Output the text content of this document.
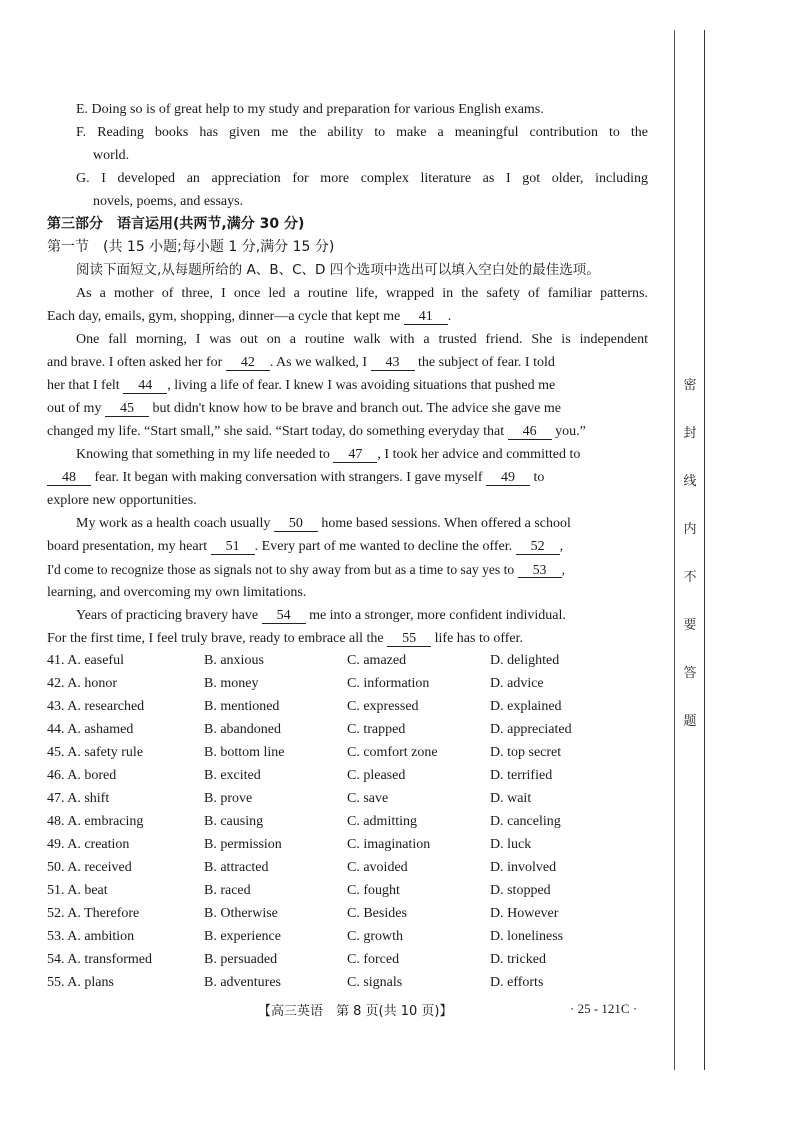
E. Doing so is of great help to my study and preparation for various English exams.
F. Reading books has given me the ability to make a meaningful contribution to the
world.
G. I developed an appreciation for more complex literature as I got older, including
novels, poems, and essays.
第三部分　语言运用(共两节,满分 30 分)
第一节　(共 15 小题;每小题 1 分,满分 15 分)
阅读下面短文,从每题所给的 A、B、C、D 四个选项中选出可以填入空白处的最佳选项。
As a mother of three, I once led a routine life, wrapped in the safety of familiar patterns.
Each day, emails, gym, shopping, dinner—a cycle that kept me 41 .
One fall morning, I was out on a routine walk with a trusted friend. She is independent
and brave. I often asked her for 42 . As we walked, I 43 the subject of fear. I told
her that I felt 44 , living a life of fear. I knew I was avoiding situations that pushed me
out of my 45 but didn't know how to be brave and branch out. The advice she gave me
changed my life. “Start small,” she said. “Start today, do something everyday that 46 you.”
Knowing that something in my life needed to 47 , I took her advice and committed to
48 fear. It began with making conversation with strangers. I gave myself 49 to
explore new opportunities.
My work as a health coach usually 50 home based sessions. When offered a school
board presentation, my heart 51 . Every part of me wanted to decline the offer. 52 ,
I'd come to recognize those as signals not to shy away from but as a time to say yes to 53 ,
learning, and overcoming my own limitations.
Years of practicing bravery have 54 me into a stronger, more confident individual.
For the first time, I feel truly brave, ready to embrace all the 55 life has to offer.
41. A. easeful	B. anxious	C. amazed	D. delighted
42. A. honor	B. money	C. information	D. advice
43. A. researched	B. mentioned	C. expressed	D. explained
44. A. ashamed	B. abandoned	C. trapped	D. appreciated
45. A. safety rule	B. bottom line	C. comfort zone	D. top secret
46. A. bored	B. excited	C. pleased	D. terrified
47. A. shift	B. prove	C. save	D. wait
48. A. embracing	B. causing	C. admitting	D. canceling
49. A. creation	B. permission	C. imagination	D. luck
50. A. received	B. attracted	C. avoided	D. involved
51. A. beat	B. raced	C. fought	D. stopped
52. A. Therefore	B. Otherwise	C. Besides	D. However
53. A. ambition	B. experience	C. growth	D. loneliness
54. A. transformed	B. persuaded	C. forced	D. tricked
55. A. plans	B. adventures	C. signals	D. efforts
【高三英语　第 8 页(共 10 页)】	· 25 - 121C ·
密
封
线
内
不
要
答
题
